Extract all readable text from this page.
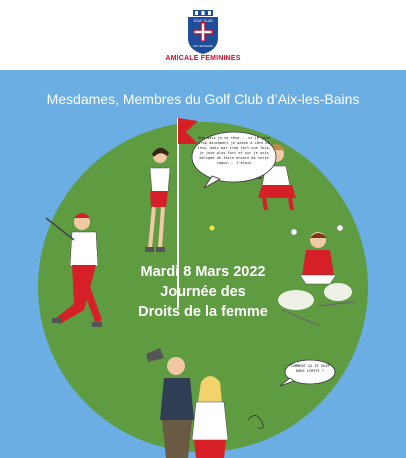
GOLF CLUB
AIX LES BAINS
AMICALE FEMININES
Mesdames, Membres du Golf Club d’Aix-les-Bains
Non mais je ne rêve... si je joue trop doucement je passe à côté du trou, mais par trop fort une fois, je joue plus fort et sur je suis obligée de faire encore de cette raque... J'étais
COMMENT ÇA JE SUIS HORS LIMITE ?
Mardi 8 Mars 2022
Journée des
Droits de la femme
